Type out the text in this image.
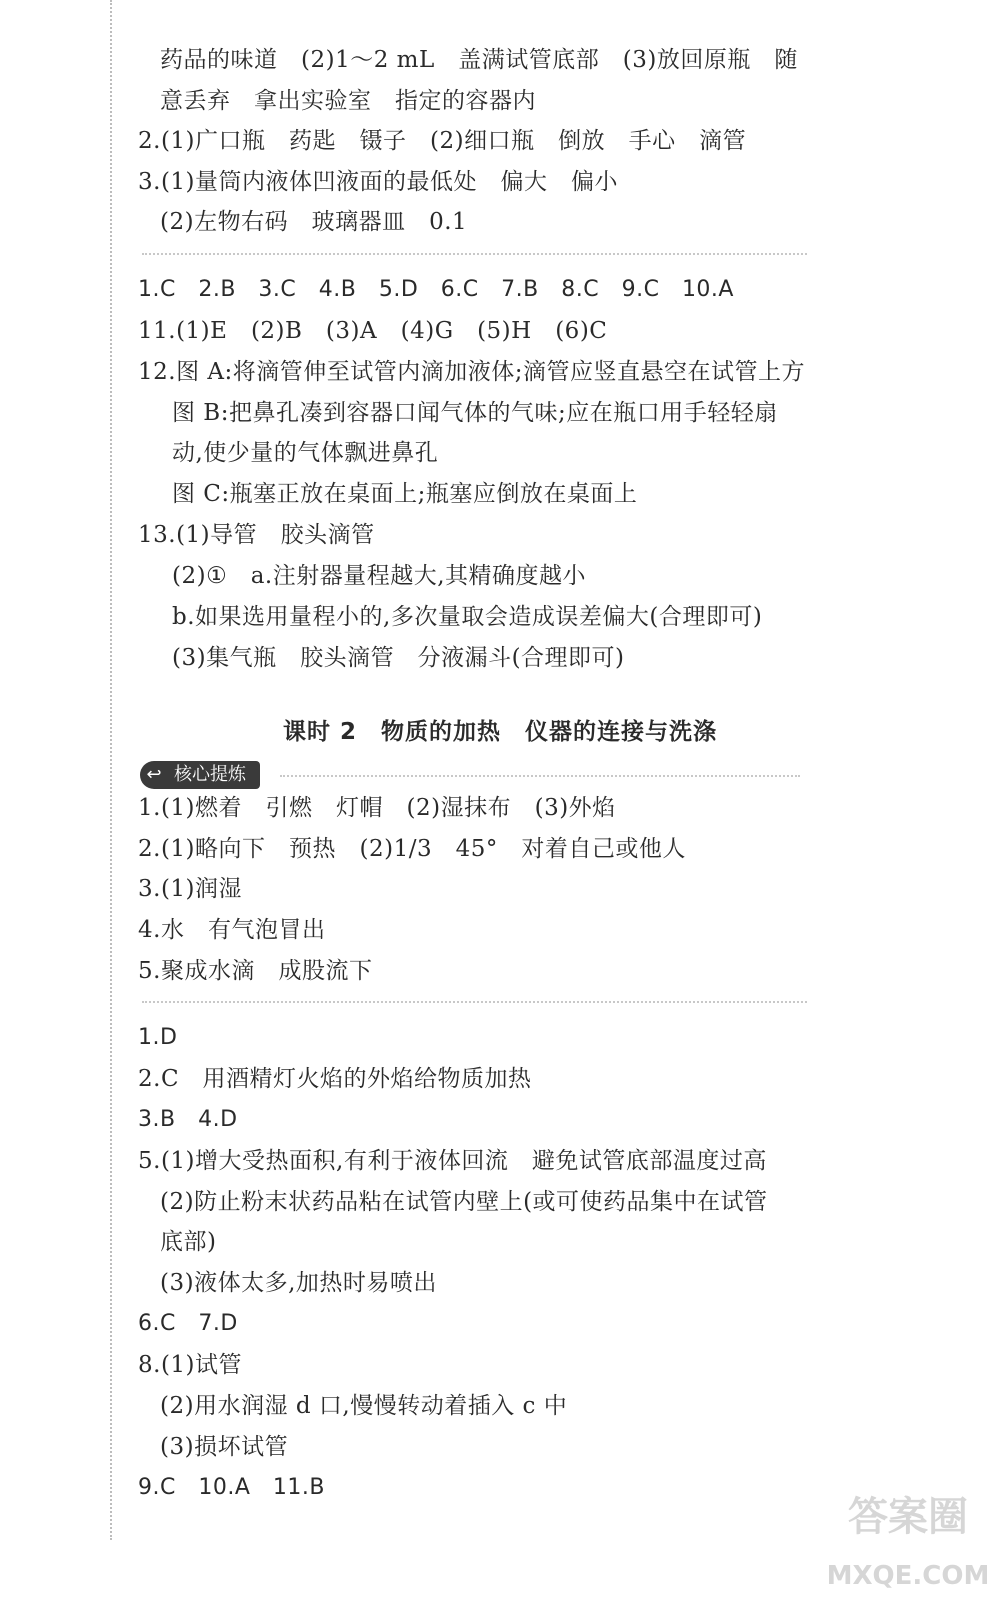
药品的味道　(2)1～2 mL　盖满试管底部　(3)放回原瓶　随
意丢弃　拿出实验室　指定的容器内
2.(1)广口瓶　药匙　镊子　(2)细口瓶　倒放　手心　滴管
3.(1)量筒内液体凹液面的最低处　偏大　偏小
(2)左物右码　玻璃器皿　0.1
1.C　2.B　3.C　4.B　5.D　6.C　7.B　8.C　9.C　10.A
11.(1)E　(2)B　(3)A　(4)G　(5)H　(6)C
12.图 A:将滴管伸至试管内滴加液体;滴管应竖直悬空在试管上方
图 B:把鼻孔凑到容器口闻气体的气味;应在瓶口用手轻轻扇
动,使少量的气体飘进鼻孔
图 C:瓶塞正放在桌面上;瓶塞应倒放在桌面上
13.(1)导管　胶头滴管
(2)①　a.注射器量程越大,其精确度越小
b.如果选用量程小的,多次量取会造成误差偏大(合理即可)
(3)集气瓶　胶头滴管　分液漏斗(合理即可)
1.(1)燃着　引燃　灯帽　(2)湿抹布　(3)外焰
2.(1)略向下　预热　(2)1/3　45°　对着自己或他人
3.(1)润湿
4.水　有气泡冒出
5.聚成水滴　成股流下
1.D
2.C　用酒精灯火焰的外焰给物质加热
3.B　4.D
5.(1)增大受热面积,有利于液体回流　避免试管底部温度过高
(2)防止粉末状药品粘在试管内壁上(或可使药品集中在试管
底部)
(3)液体太多,加热时易喷出
6.C　7.D
8.(1)试管
(2)用水润湿 d 口,慢慢转动着插入 c 中
(3)损坏试管
9.C　10.A　11.B
课时 2　物质的加热　仪器的连接与洗涤
↩ 核心提炼
答案圈
MXQE.COM
